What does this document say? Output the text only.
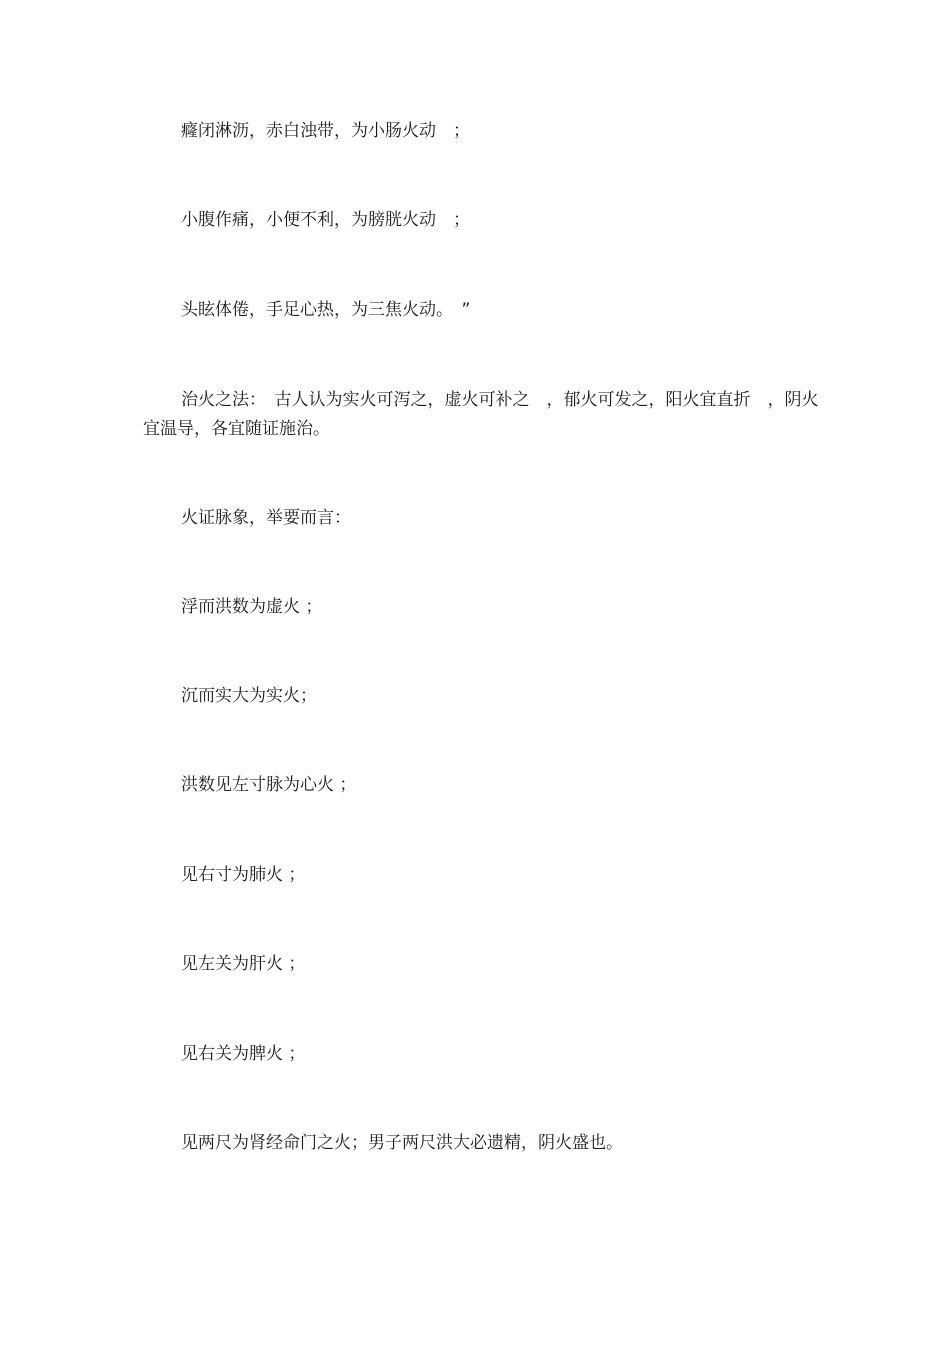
癃闭淋沥，赤白浊带，为小肠火动　；

小腹作痛，小便不利，为膀胱火动　；

头眩体倦，手足心热，为三焦火动。　”

治火之法：　古人认为实火可泻之，虚火可补之　，郁火可发之，阳火宜直折　，阴火宜温导，各宜随证施治。

火证脉象，举要而言：

浮而洪数为虚火 ；

沉而实大为实火；

洪数见左寸脉为心火 ；

见右寸为肺火 ；

见左关为肝火 ；

见右关为脾火 ；

见两尺为肾经命门之火；男子两尺洪大必遗精，阴火盛也。
